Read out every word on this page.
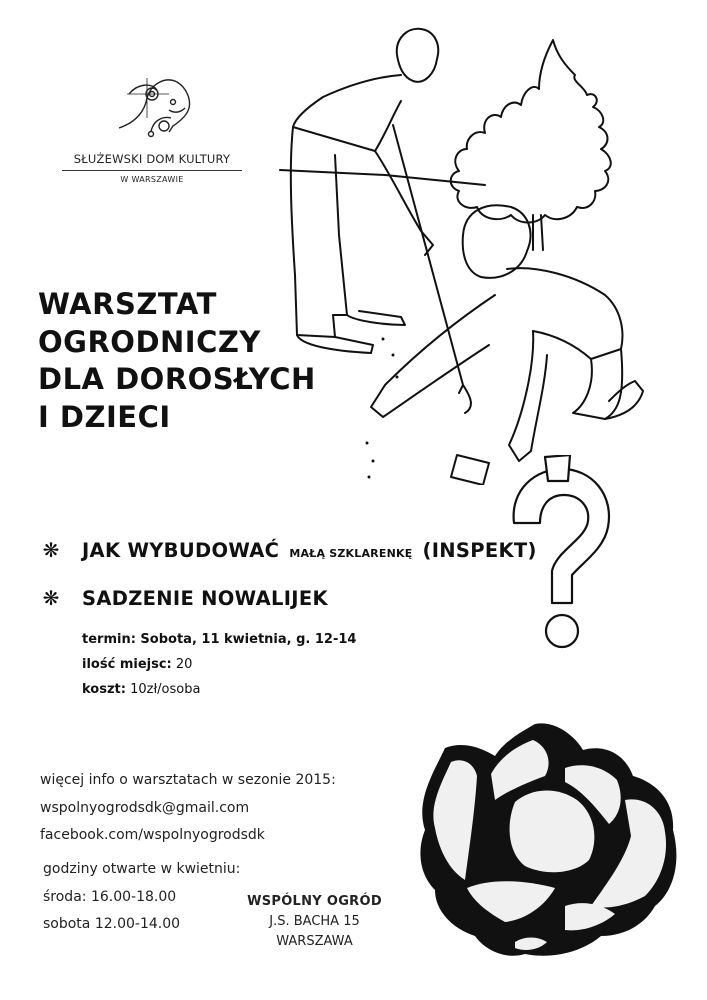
SŁUŻEWSKI DOM KULTURY
W WARSZAWIE
WARSZTAT
OGRODNICZY
DLA DOROSŁYCH
I DZIECI
❋ JAK WYBUDOWAĆ MAŁĄ SZKLARENKĘ (INSPEKT)
❋ SADZENIE NOWALIJEK
termin: Sobota, 11 kwietnia, g. 12-14
ilość miejsc: 20
koszt: 10zł/osoba
więcej info o warsztatach w sezonie 2015:
wspolnyogrodsdk@gmail.com
facebook.com/wspolnyogrodsdk
godziny otwarte w kwietniu:
środa: 16.00-18.00
sobota 12.00-14.00
WSPÓLNY OGRÓD
J.S. BACHA 15
WARSZAWA
